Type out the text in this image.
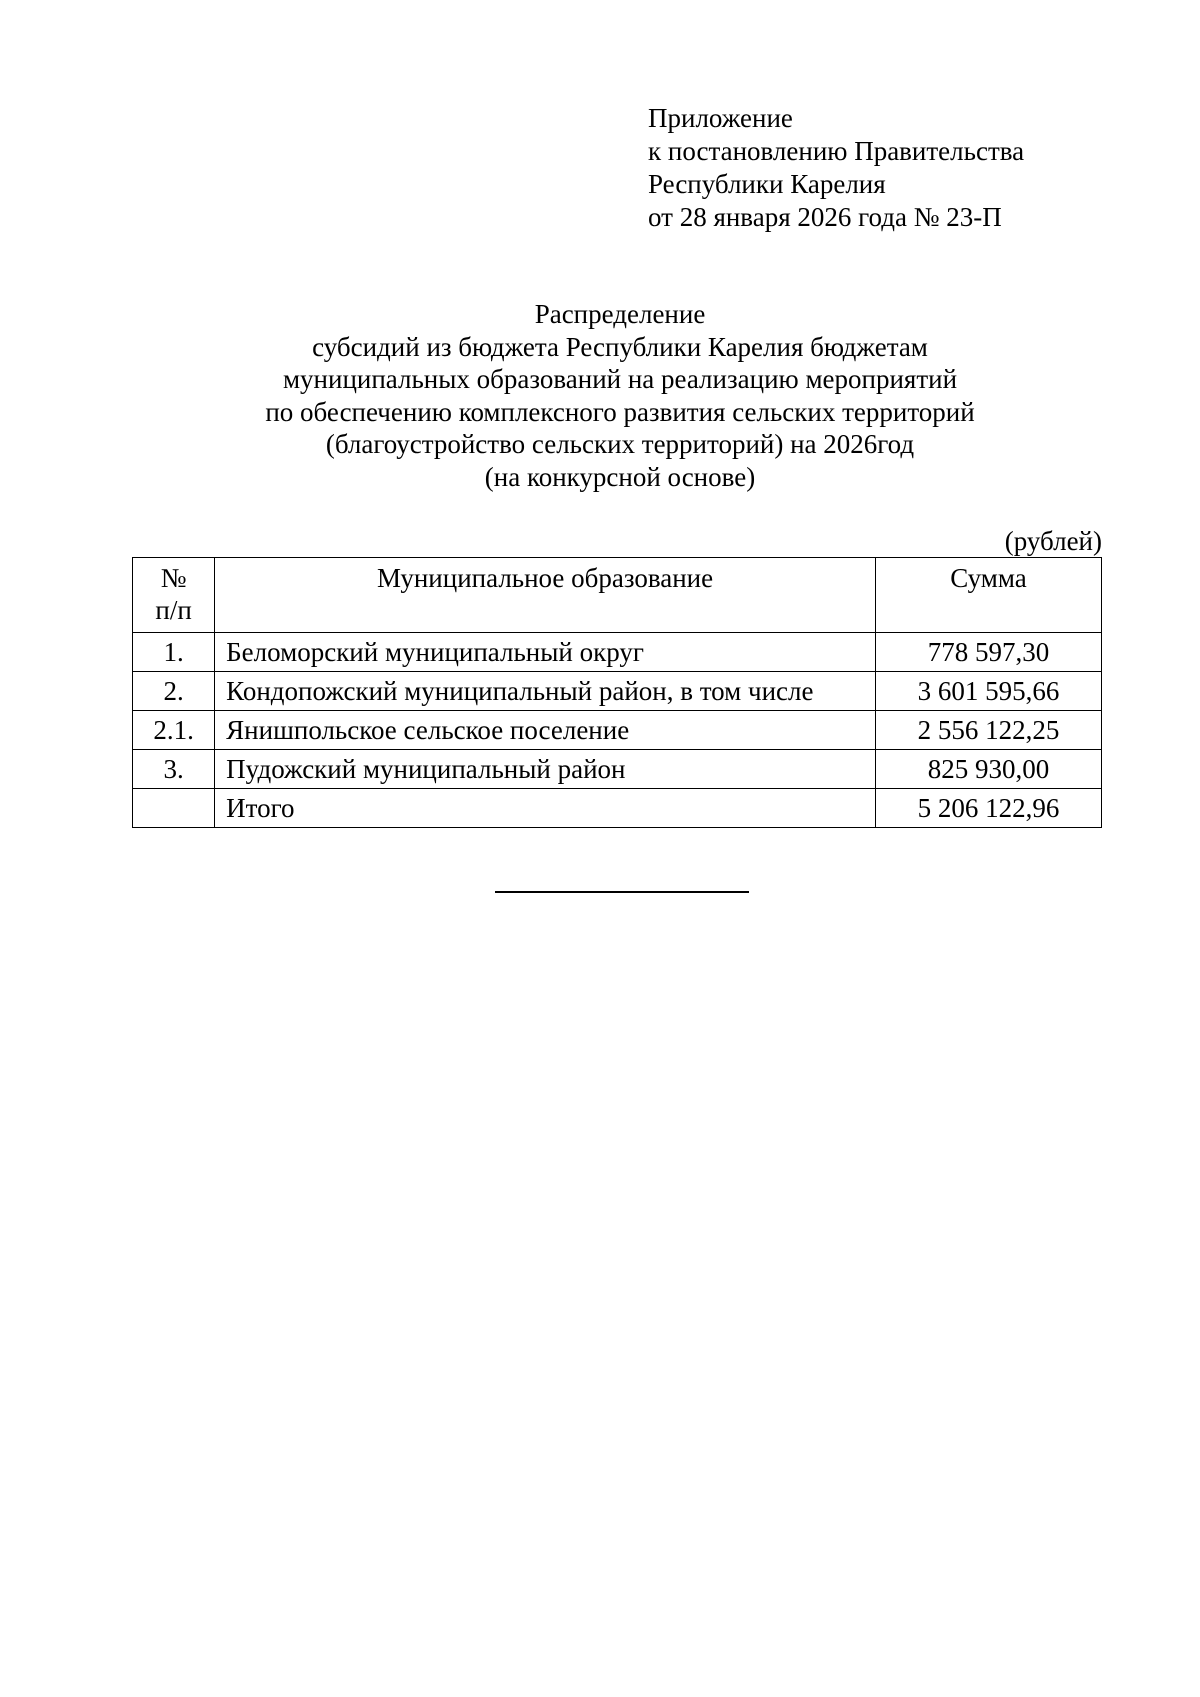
Приложение
к постановлению Правительства
Республики Карелия
от 28 января 2026 года № 23-П
Распределение
субсидий из бюджета Республики Карелия бюджетам
муниципальных образований на реализацию мероприятий
по обеспечению комплексного развития сельских территорий
(благоустройство сельских территорий) на 2026год
(на конкурсной основе)
(рублей)
№
п/п	Муниципальное образование	Сумма
1.	Беломорский муниципальный округ	778 597,30
2.	Кондопожский муниципальный район, в том числе	3 601 595,66
2.1.	Янишпольское сельское поселение	2 556 122,25
3.	Пудожский муниципальный район	825 930,00
	Итого	5 206 122,96
